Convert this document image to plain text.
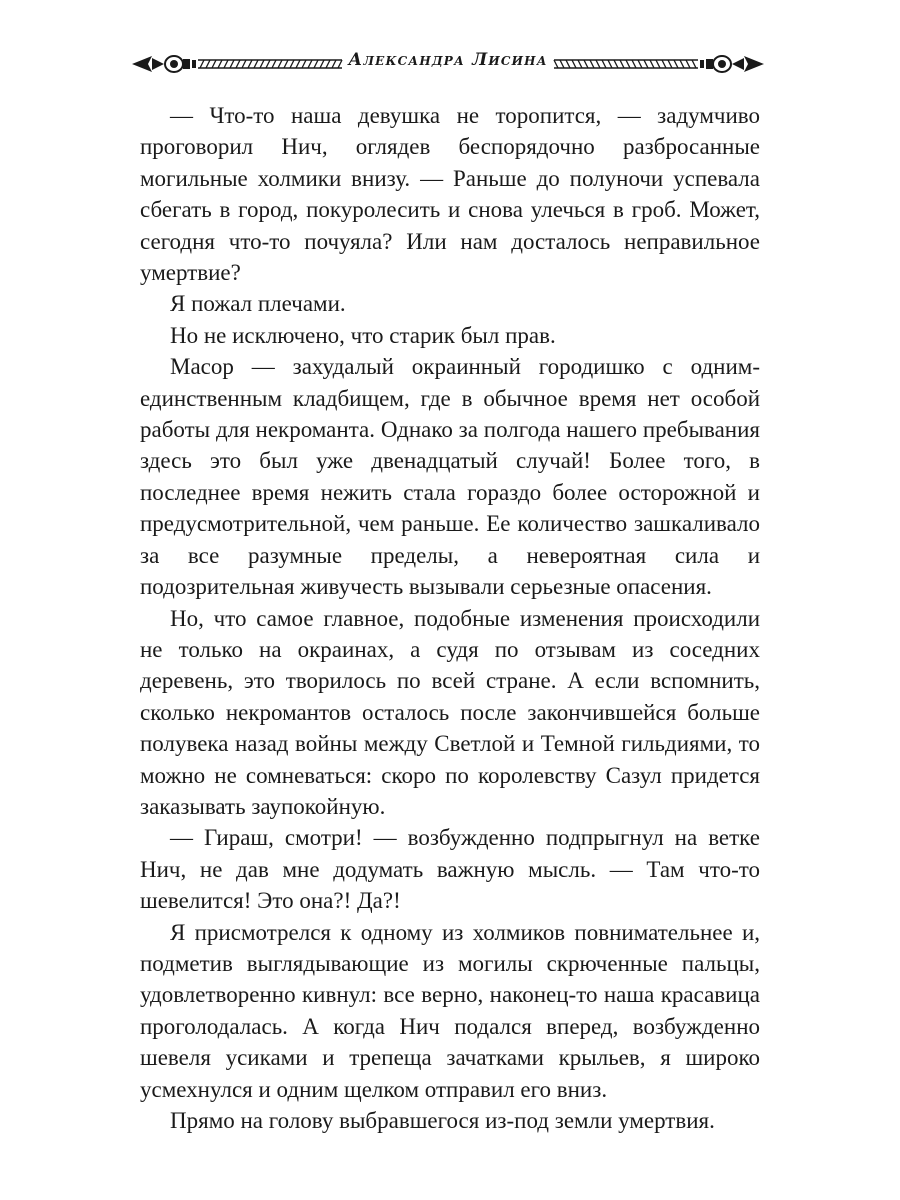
Александра Лисина

— Что-то наша девушка не торопится, — задумчиво проговорил Нич, оглядев беспорядочно разбросанные могильные холмики внизу. — Раньше до полуночи успевала сбегать в город, покуролесить и снова улечься в гроб. Может, сегодня что-то почуяла? Или нам досталось неправильное умертвие?

Я пожал плечами.

Но не исключено, что старик был прав.

Масор — захудалый окраинный городишко с одним-единственным кладбищем, где в обычное время нет особой работы для некроманта. Однако за полгода нашего пребывания здесь это был уже двенадцатый случай! Более того, в последнее время нежить стала гораздо более осторожной и предусмотрительной, чем раньше. Ее количество зашкаливало за все разумные пределы, а невероятная сила и подозрительная живучесть вызывали серьезные опасения.

Но, что самое главное, подобные изменения происходили не только на окраинах, а судя по отзывам из соседних деревень, это творилось по всей стране. А если вспомнить, сколько некромантов осталось после закончившейся больше полувека назад войны между Светлой и Темной гильдиями, то можно не сомневаться: скоро по королевству Сазул придется заказывать заупокойную.

— Гираш, смотри! — возбужденно подпрыгнул на ветке Нич, не дав мне додумать важную мысль. — Там что-то шевелится! Это она?! Да?!

Я присмотрелся к одному из холмиков повнимательнее и, подметив выглядывающие из могилы скрюченные пальцы, удовлетворенно кивнул: все верно, наконец-то наша красавица проголодалась. А когда Нич подался вперед, возбужденно шевеля усиками и трепеща зачатками крыльев, я широко усмехнулся и одним щелком отправил его вниз.

Прямо на голову выбравшегося из-под земли умертвия.
